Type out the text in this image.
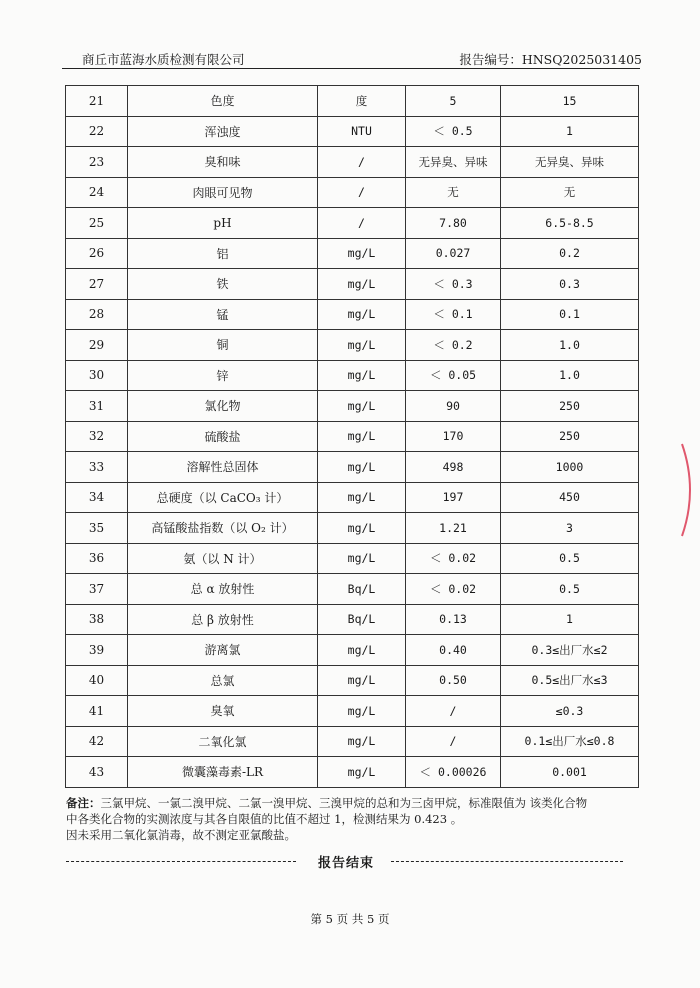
商丘市蓝海水质检测有限公司	报告编号：HNSQ2025031405
21	色度	度	5	15
22	浑浊度	NTU	＜ 0.5	1
23	臭和味	/	无异臭、异味	无异臭、异味
24	肉眼可见物	/	无	无
25	pH	/	7.80	6.5-8.5
26	铝	mg/L	0.027	0.2
27	铁	mg/L	＜ 0.3	0.3
28	锰	mg/L	＜ 0.1	0.1
29	铜	mg/L	＜ 0.2	1.0
30	锌	mg/L	＜ 0.05	1.0
31	氯化物	mg/L	90	250
32	硫酸盐	mg/L	170	250
33	溶解性总固体	mg/L	498	1000
34	总硬度（以 CaCO₃ 计）	mg/L	197	450
35	高锰酸盐指数（以 O₂ 计）	mg/L	1.21	3
36	氨（以 N 计）	mg/L	＜ 0.02	0.5
37	总 α 放射性	Bq/L	＜ 0.02	0.5
38	总 β 放射性	Bq/L	0.13	1
39	游离氯	mg/L	0.40	0.3≤出厂水≤2
40	总氯	mg/L	0.50	0.5≤出厂水≤3
41	臭氧	mg/L	/	≤0.3
42	二氧化氯	mg/L	/	0.1≤出厂水≤0.8
43	微囊藻毒素-LR	mg/L	＜ 0.00026	0.001
备注：三氯甲烷、一氯二溴甲烷、二氯一溴甲烷、三溴甲烷的总和为三卤甲烷，标准限值为 该类化合物
中各类化合物的实测浓度与其各自限值的比值不超过 1，检测结果为 0.423 。
因未采用二氧化氯消毒，故不测定亚氯酸盐。
报告结束
第 5 页 共 5 页
